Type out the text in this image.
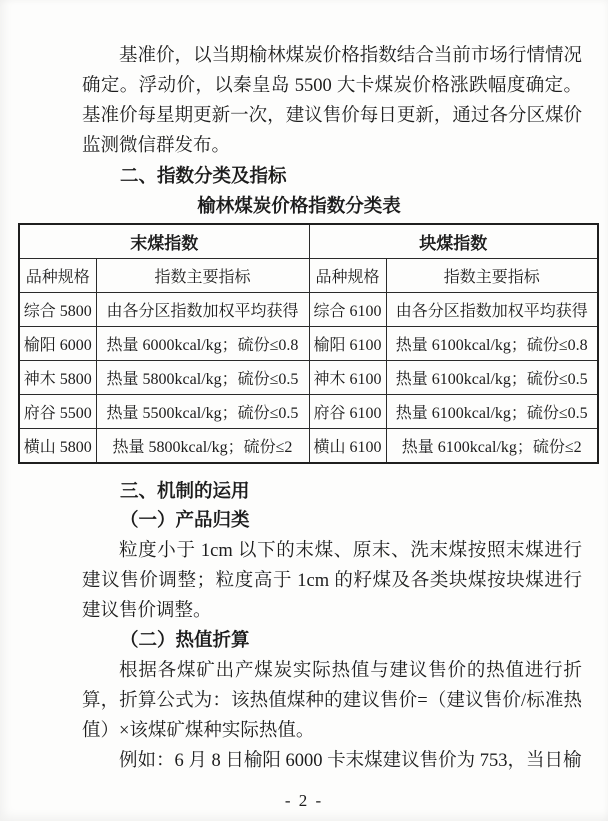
基准价，以当期榆林煤炭价格指数结合当前市场行情情况确定。浮动价，以秦皇岛 5500 大卡煤炭价格涨跌幅度确定。基准价每星期更新一次，建议售价每日更新，通过各分区煤价监测微信群发布。

二、指数分类及指标
榆林煤炭价格指数分类表
末煤指数		块煤指数	
品种规格	指数主要指标	品种规格	指数主要指标
综合 5800	由各分区指数加权平均获得	综合 6100	由各分区指数加权平均获得
榆阳 6000	热量 6000kcal/kg；硫份≤0.8	榆阳 6100	热量 6100kcal/kg；硫份≤0.8
神木 5800	热量 5800kcal/kg；硫份≤0.5	神木 6100	热量 6100kcal/kg；硫份≤0.5
府谷 5500	热量 5500kcal/kg；硫份≤0.5	府谷 6100	热量 6100kcal/kg；硫份≤0.5
横山 5800	热量 5800kcal/kg；硫份≤2	横山 6100	热量 6100kcal/kg；硫份≤2
三、机制的运用
（一）产品归类

粒度小于 1cm 以下的末煤、原末、洗末煤按照末煤进行建议售价调整；粒度高于 1cm 的籽煤及各类块煤按块煤进行建议售价调整。

（二）热值折算

根据各煤矿出产煤炭实际热值与建议售价的热值进行折算，折算公式为：该热值煤种的建议售价=（建议售价/标准热值）×该煤矿煤种实际热值。

例如：6 月 8 日榆阳 6000 卡末煤建议售价为 753，当日榆

- 2 -
